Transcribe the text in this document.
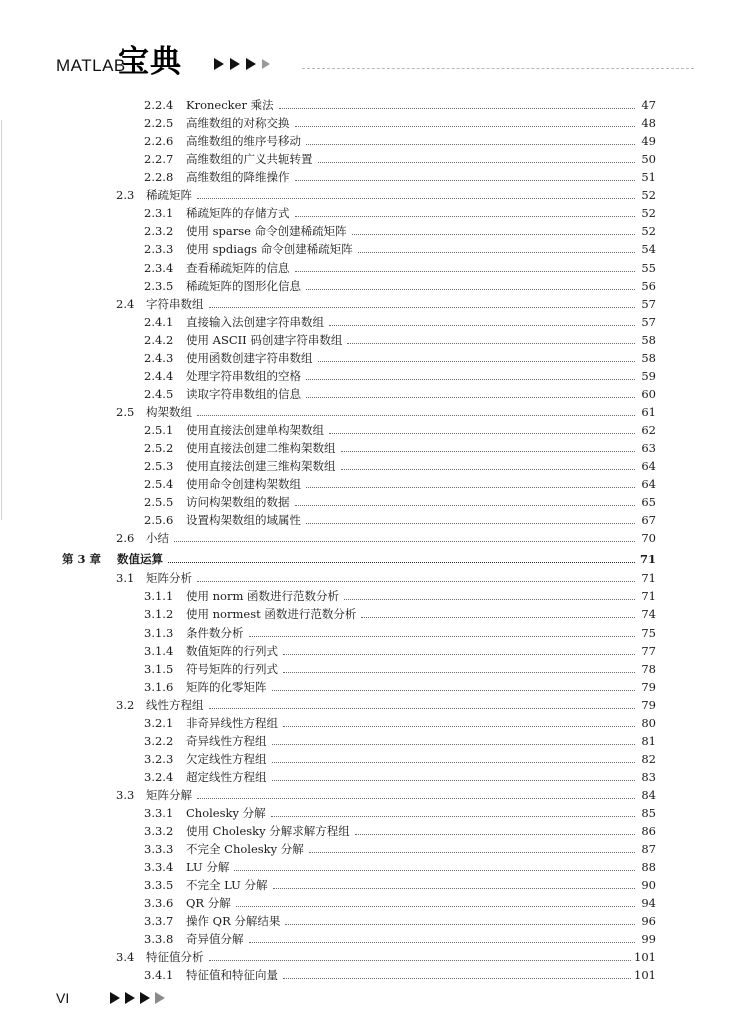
MATLAB
宝典
2.2.4	Kronecker 乘法	47
2.2.5	高维数组的对称交换	48
2.2.6	高维数组的维序号移动	49
2.2.7	高维数组的广义共轭转置	50
2.2.8	高维数组的降维操作	51
2.3	稀疏矩阵	52
2.3.1	稀疏矩阵的存储方式	52
2.3.2	使用 sparse 命令创建稀疏矩阵	52
2.3.3	使用 spdiags 命令创建稀疏矩阵	54
2.3.4	查看稀疏矩阵的信息	55
2.3.5	稀疏矩阵的图形化信息	56
2.4	字符串数组	57
2.4.1	直接输入法创建字符串数组	57
2.4.2	使用 ASCII 码创建字符串数组	58
2.4.3	使用函数创建字符串数组	58
2.4.4	处理字符串数组的空格	59
2.4.5	读取字符串数组的信息	60
2.5	构架数组	61
2.5.1	使用直接法创建单构架数组	62
2.5.2	使用直接法创建二维构架数组	63
2.5.3	使用直接法创建三维构架数组	64
2.5.4	使用命令创建构架数组	64
2.5.5	访问构架数组的数据	65
2.5.6	设置构架数组的域属性	67
2.6	小结	70
第 3 章	数值运算	71
3.1	矩阵分析	71
3.1.1	使用 norm 函数进行范数分析	71
3.1.2	使用 normest 函数进行范数分析	74
3.1.3	条件数分析	75
3.1.4	数值矩阵的行列式	77
3.1.5	符号矩阵的行列式	78
3.1.6	矩阵的化零矩阵	79
3.2	线性方程组	79
3.2.1	非奇异线性方程组	80
3.2.2	奇异线性方程组	81
3.2.3	欠定线性方程组	82
3.2.4	超定线性方程组	83
3.3	矩阵分解	84
3.3.1	Cholesky 分解	85
3.3.2	使用 Cholesky 分解求解方程组	86
3.3.3	不完全 Cholesky 分解	87
3.3.4	LU 分解	88
3.3.5	不完全 LU 分解	90
3.3.6	QR 分解	94
3.3.7	操作 QR 分解结果	96
3.3.8	奇异值分解	99
3.4	特征值分析	101
3.4.1	特征值和特征向量	101
VI
